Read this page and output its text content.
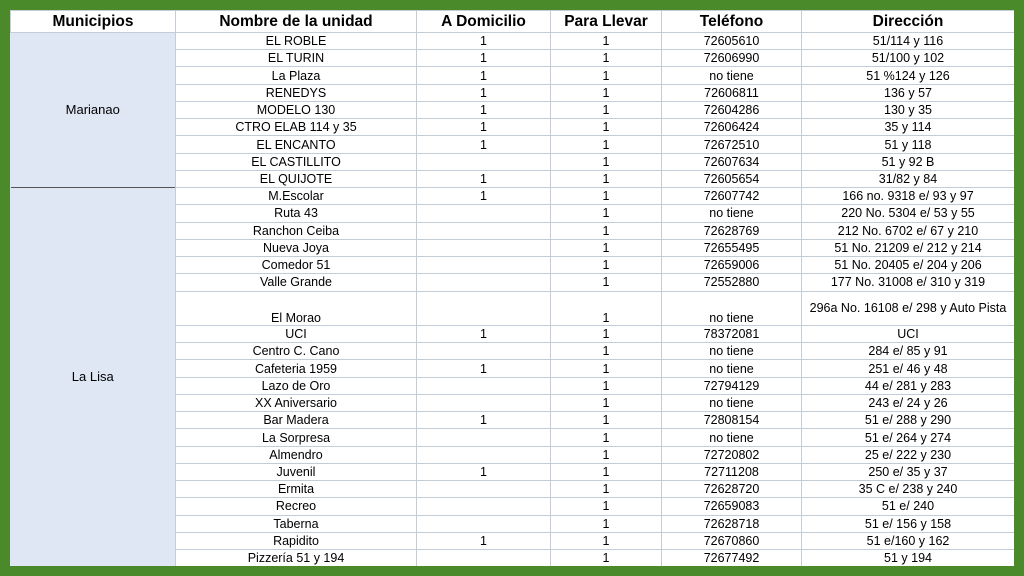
Municipios	Nombre de la unidad	A Domicilio	Para Llevar	Teléfono	Dirección
Marianao	EL ROBLE	1	1	72605610	51/114 y 116
	EL TURIN	1	1	72606990	51/100 y 102
	La Plaza	1	1	no tiene	51 %124 y 126
	RENEDYS	1	1	72606811	136 y 57
	MODELO 130	1	1	72604286	130 y 35
	CTRO ELAB 114 y 35	1	1	72606424	35 y 114
	EL ENCANTO	1	1	72672510	51 y 118
	EL CASTILLITO		1	72607634	51 y 92 B
	EL QUIJOTE	1	1	72605654	31/82 y 84
La Lisa	M.Escolar	1	1	72607742	166 no. 9318 e/ 93 y 97
	Ruta 43		1	no tiene	220 No. 5304 e/ 53 y 55
	Ranchon Ceiba		1	72628769	212 No. 6702 e/ 67 y 210
	Nueva Joya		1	72655495	51 No. 21209 e/ 212 y 214
	Comedor 51		1	72659006	51 No. 20405 e/ 204 y 206
	Valle Grande		1	72552880	177 No. 31008 e/ 310 y 319
	El Morao		1	no tiene	296a No. 16108 e/ 298 y Auto Pista
	UCI	1	1	78372081	UCI
	Centro C. Cano		1	no tiene	284 e/ 85 y 91
	Cafeteria 1959	1	1	no tiene	251 e/ 46 y 48
	Lazo de Oro		1	72794129	44 e/ 281 y 283
	XX Aniversario		1	no tiene	243 e/ 24 y 26
	Bar Madera	1	1	72808154	51 e/ 288 y 290
	La Sorpresa		1	no tiene	51 e/ 264 y 274
	Almendro		1	72720802	25 e/ 222 y 230
	Juvenil	1	1	72711208	250 e/ 35 y 37
	Ermita		1	72628720	35 C e/ 238 y 240
	Recreo		1	72659083	51 e/ 240
	Taberna		1	72628718	51 e/ 156 y 158
	Rapidito	1	1	72670860	51 e/160 y 162
	Pizzería 51 y 194		1	72677492	51 y 194
